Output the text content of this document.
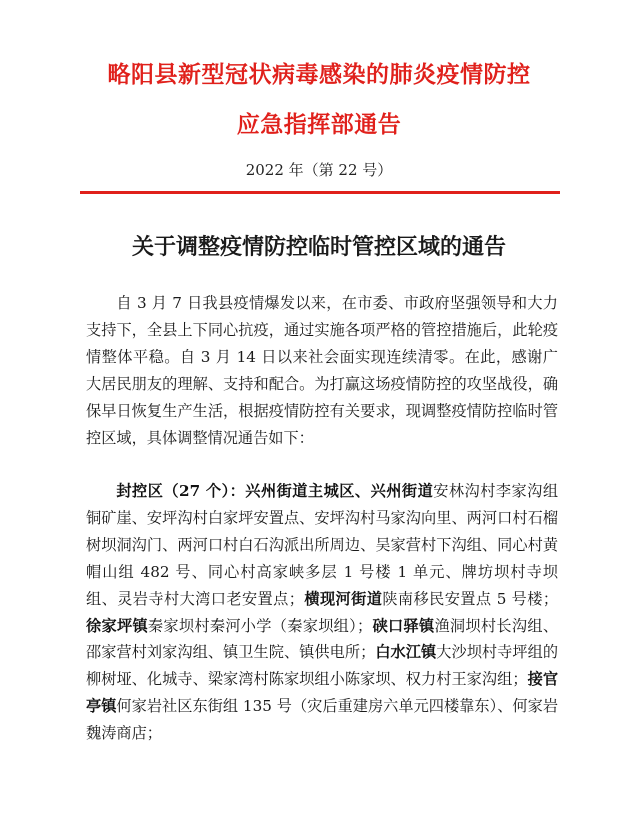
略阳县新型冠状病毒感染的肺炎疫情防控
应急指挥部通告
2022 年（第 22 号）
关于调整疫情防控临时管控区域的通告

自 3 月 7 日我县疫情爆发以来，在市委、市政府坚强领导和大力支持下，全县上下同心抗疫，通过实施各项严格的管控措施后，此轮疫情整体平稳。自 3 月 14 日以来社会面实现连续清零。在此，感谢广大居民朋友的理解、支持和配合。为打赢这场疫情防控的攻坚战役，确保早日恢复生产生活，根据疫情防控有关要求，现调整疫情防控临时管控区域，具体调整情况通告如下：

封控区（27 个）：兴州街道主城区、兴州街道安林沟村李家沟组铜矿崖、安坪沟村白家坪安置点、安坪沟村马家沟向里、两河口村石榴树坝洞沟门、两河口村白石沟派出所周边、吴家营村下沟组、同心村黄帽山组 482 号、同心村高家峡多层 1 号楼 1 单元、牌坊坝村寺坝组、灵岩寺村大湾口老安置点；横现河街道陕南移民安置点 5 号楼；徐家坪镇秦家坝村秦河小学（秦家坝组）；硖口驿镇渔洞坝村长沟组、邵家营村刘家沟组、镇卫生院、镇供电所；白水江镇大沙坝村寺坪组的柳树垭、化城寺、梁家湾村陈家坝组小陈家坝、权力村王家沟组；接官亭镇何家岩社区东街组 135 号（灾后重建房六单元四楼靠东）、何家岩魏涛商店；
